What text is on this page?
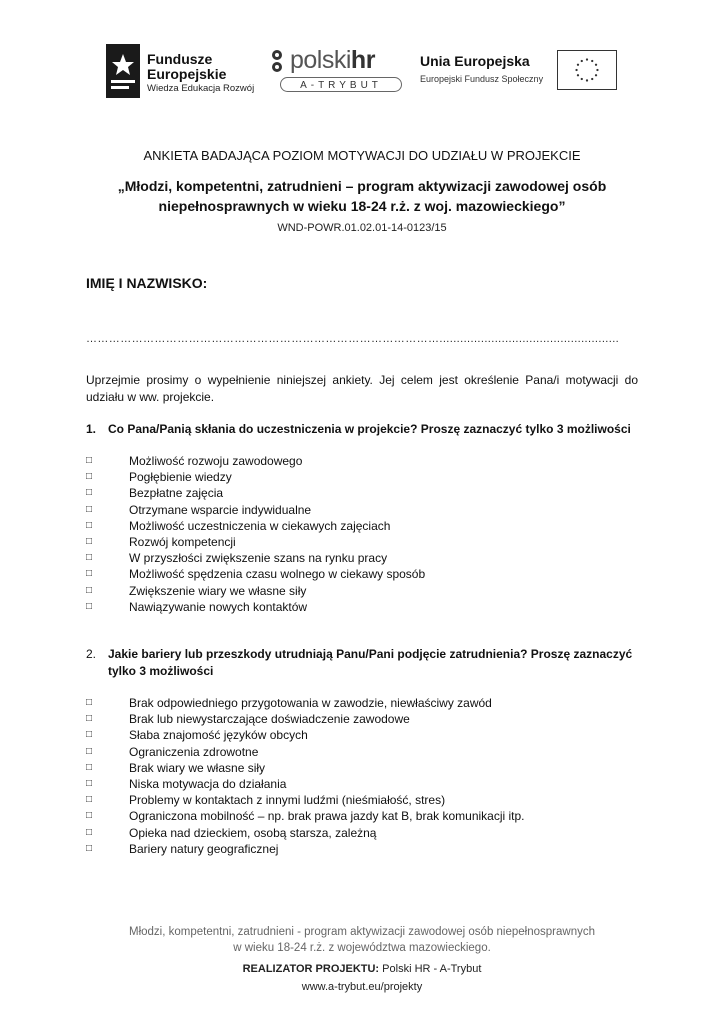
Fundusze
Europejskie
Wiedza Edukacja Rozwój
polskihr
A-TRYBUT
Unia Europejska
Europejski Fundusz Społeczny
ANKIETA BADAJĄCA POZIOM MOTYWACJI DO UDZIAŁU W PROJEKCIE
„Młodzi, kompetentni, zatrudnieni – program aktywizacji zawodowej osób niepełnosprawnych w wieku 18-24 r.ż. z woj. mazowieckiego”
WND-POWR.01.02.01-14-0123/15
IMIĘ I NAZWISKO:
…………………………………………………………………………………....................................................
Uprzejmie prosimy o wypełnienie niniejszej ankiety. Jej celem jest określenie Pana/i motywacji do udziału w ww. projekcie.
1. Co Pana/Panią skłania do uczestniczenia w projekcie? Proszę zaznaczyć tylko 3 możliwości
□	Możliwość rozwoju zawodowego
□	Pogłębienie wiedzy
□	Bezpłatne zajęcia
□	Otrzymane wsparcie indywidualne
□	Możliwość uczestniczenia w ciekawych zajęciach
□	Rozwój kompetencji
□	W przyszłości zwiększenie szans na rynku pracy
□	Możliwość spędzenia czasu wolnego w ciekawy sposób
□	Zwiększenie wiary we własne siły
□	Nawiązywanie nowych kontaktów
2. Jakie bariery lub przeszkody utrudniają Panu/Pani podjęcie zatrudnienia? Proszę zaznaczyć tylko 3 możliwości
□	Brak odpowiedniego przygotowania w zawodzie, niewłaściwy zawód
□	Brak lub niewystarczające doświadczenie zawodowe
□	Słaba znajomość języków obcych
□	Ograniczenia zdrowotne
□	Brak wiary we własne siły
□	Niska motywacja do działania
□	Problemy w kontaktach z innymi ludźmi (nieśmiałość, stres)
□	Ograniczona mobilność – np. brak prawa jazdy kat B, brak komunikacji itp.
□	Opieka nad dzieckiem, osobą starsza, zależną
□	Bariery natury geograficznej
Młodzi, kompetentni, zatrudnieni - program aktywizacji zawodowej osób niepełnosprawnych
w wieku 18-24 r.ż. z województwa mazowieckiego.
REALIZATOR PROJEKTU: Polski HR - A-Trybut
www.a-trybut.eu/projekty
